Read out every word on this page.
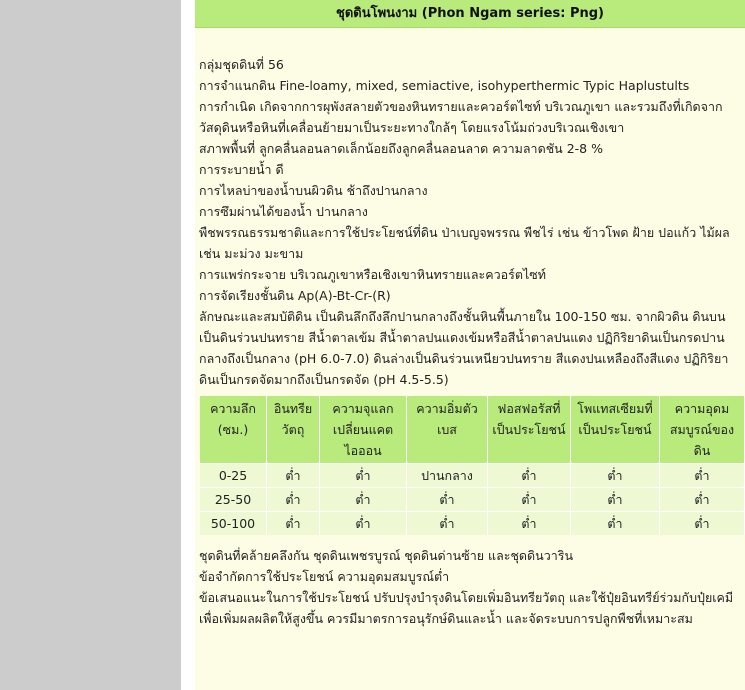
ชุดดินโพนงาม (Phon Ngam series: Png)
กลุ่มชุดดินที่ 56
การจำแนกดิน Fine-loamy, mixed, semiactive, isohyperthermic Typic Haplustults
การกำเนิด เกิดจากการผุพังสลายตัวของหินทรายและควอร์ตไซท์ บริเวณภูเขา และรวมถึงที่เกิดจาก
วัสดุดินหรือหินที่เคลื่อนย้ายมาเป็นระยะทางใกล้ๆ โดยแรงโน้มถ่วงบริเวณเชิงเขา
สภาพพื้นที่ ลูกคลื่นลอนลาดเล็กน้อยถึงลูกคลื่นลอนลาด ความลาดชัน 2-8 %
การระบายน้ำ ดี
การไหลบ่าของน้ำบนผิวดิน ช้าถึงปานกลาง
การซึมผ่านได้ของน้ำ ปานกลาง
พืชพรรณธรรมชาติและการใช้ประโยชน์ที่ดิน ป่าเบญจพรรณ พืชไร่ เช่น ข้าวโพด ฝ้าย ปอแก้ว ไม้ผล เช่น มะม่วง มะขาม
การแพร่กระจาย บริเวณภูเขาหรือเชิงเขาหินทรายและควอร์ตไซท์
การจัดเรียงชั้นดิน Ap(A)-Bt-Cr-(R)
ลักษณะและสมบัติดิน เป็นดินลึกถึงลึกปานกลางถึงชั้นหินพื้นภายใน 100-150 ซม. จากผิวดิน ดินบนเป็นดินร่วนปนทราย สีน้ำตาลเข้ม สีน้ำตาลปนแดงเข้มหรือสีน้ำตาลปนแดง ปฏิกิริยาดินเป็นกรดปานกลางถึงเป็นกลาง (pH 6.0-7.0) ดินล่างเป็นดินร่วนเหนียวปนทราย สีแดงปนเหลืองถึงสีแดง ปฏิกิริยาดินเป็นกรดจัดมากถึงเป็นกรดจัด (pH 4.5-5.5)
ความลึก (ซม.)	อินทรียวัตถุ	ความจุแลกเปลี่ยนแคตไอออน	ความอิ่มตัวเบส	ฟอสฟอรัสที่เป็นประโยชน์	โพแทสเซียมที่เป็นประโยชน์	ความอุดมสมบูรณ์ของดิน
0-25	ต่ำ	ต่ำ	ปานกลาง	ต่ำ	ต่ำ	ต่ำ
25-50	ต่ำ	ต่ำ	ต่ำ	ต่ำ	ต่ำ	ต่ำ
50-100	ต่ำ	ต่ำ	ต่ำ	ต่ำ	ต่ำ	ต่ำ
ชุดดินที่คล้ายคลึงกัน ชุดดินเพชรบูรณ์ ชุดดินด่านซ้าย และชุดดินวาริน
ข้อจำกัดการใช้ประโยชน์ ความอุดมสมบูรณ์ต่ำ
ข้อเสนอแนะในการใช้ประโยชน์ ปรับปรุงบำรุงดินโดยเพิ่มอินทรียวัตถุ และใช้ปุ๋ยอินทรีย์ร่วมกับปุ๋ยเคมีเพื่อเพิ่มผลผลิตให้สูงขึ้น ควรมีมาตรการอนุรักษ์ดินและน้ำ และจัดระบบการปลูกพืชที่เหมาะสม
